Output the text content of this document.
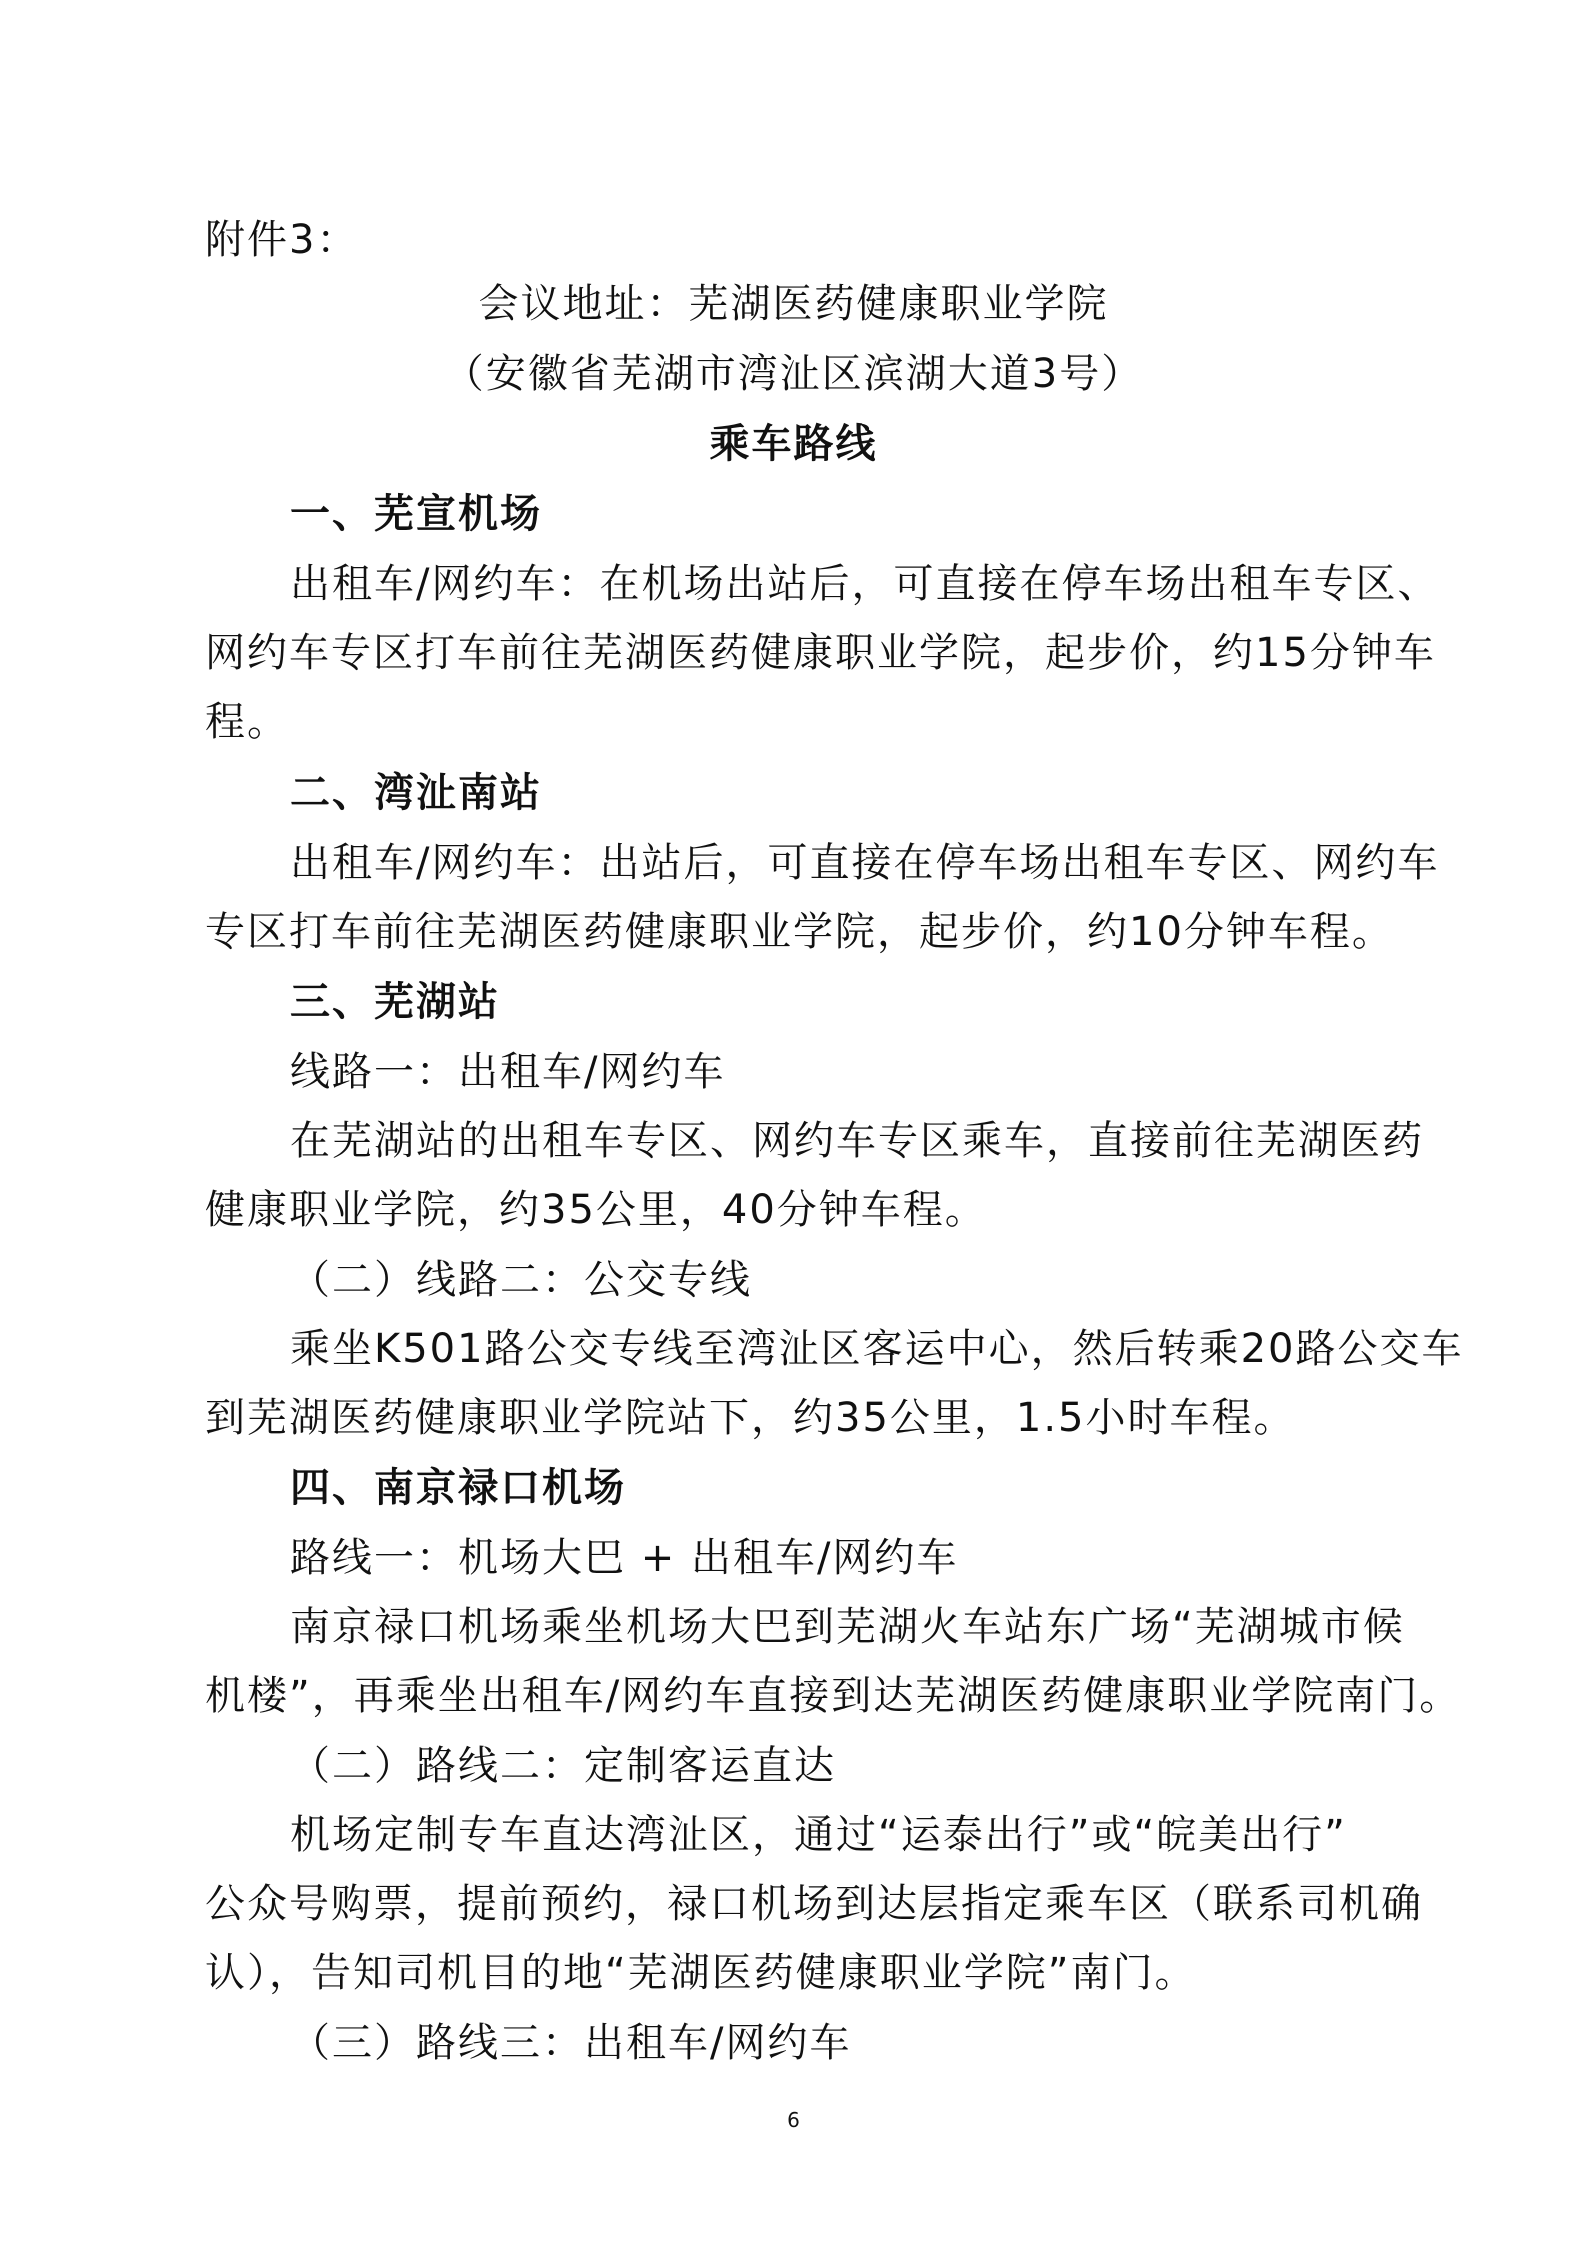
附件3：
会议地址：芜湖医药健康职业学院
（安徽省芜湖市湾沚区滨湖大道3号）
乘车路线
一、芜宣机场
出租车/网约车：在机场出站后，可直接在停车场出租车专区、
网约车专区打车前往芜湖医药健康职业学院，起步价，约15分钟车
程。
二、湾沚南站
出租车/网约车：出站后，可直接在停车场出租车专区、网约车
专区打车前往芜湖医药健康职业学院，起步价，约10分钟车程。
三、芜湖站
线路一：出租车/网约车
在芜湖站的出租车专区、网约车专区乘车，直接前往芜湖医药
健康职业学院，约35公里，40分钟车程。
（二）线路二：公交专线
乘坐K501路公交专线至湾沚区客运中心，然后转乘20路公交车
到芜湖医药健康职业学院站下，约35公里，1.5小时车程。
四、南京禄口机场
路线一：机场大巴 + 出租车/网约车
南京禄口机场乘坐机场大巴到芜湖火车站东广场“芜湖城市候
机楼”，再乘坐出租车/网约车直接到达芜湖医药健康职业学院南门。
（二）路线二：定制客运直达
机场定制专车直达湾沚区，通过“运泰出行”或“皖美出行”
公众号购票，提前预约，禄口机场到达层指定乘车区（联系司机确
认），告知司机目的地“芜湖医药健康职业学院”南门。
（三）路线三：出租车/网约车
6
